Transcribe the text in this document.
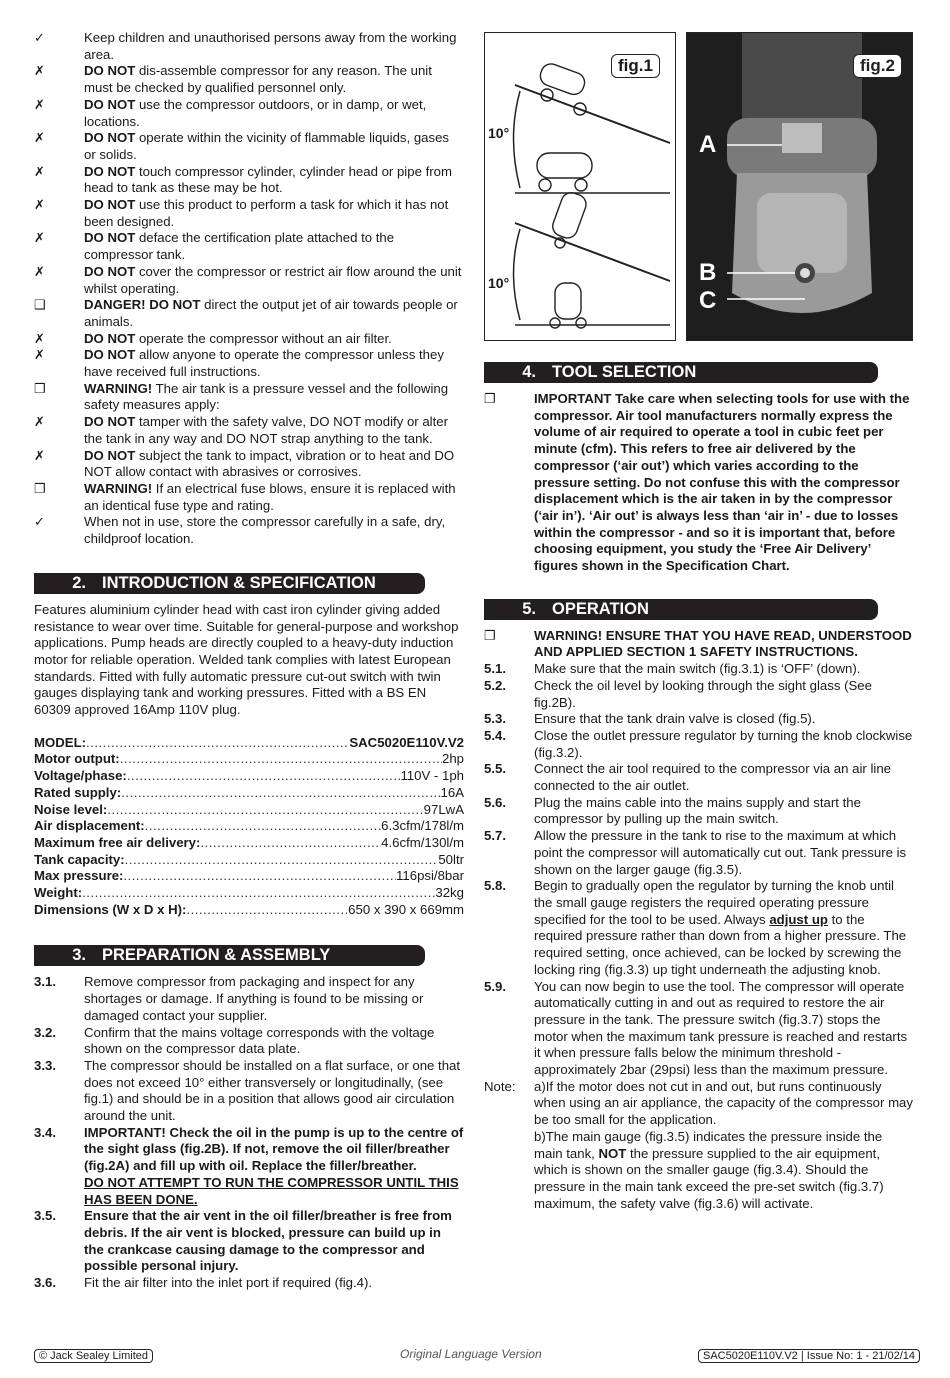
✓	Keep children and unauthorised persons away from the working area.
✗	DO NOT dis-assemble compressor for any reason. The unit must be checked by qualified personnel only.
✗	DO NOT use the compressor outdoors, or in damp, or wet, locations.
✗	DO NOT operate within the vicinity of flammable liquids, gases or solids.
✗	DO NOT touch compressor cylinder, cylinder head or pipe from head to tank as these may be hot.
✗	DO NOT use this product to perform a task for which it has not been designed.
✗	DO NOT deface the certification plate attached to the compressor tank.
✗	DO NOT cover the compressor or restrict air flow around the unit whilst operating.
❑	DANGER! DO NOT direct the output jet of air towards people or animals.
✗	DO NOT operate the compressor without an air filter.
✗	DO NOT allow anyone to operate the compressor unless they have received full instructions.
❒	WARNING! The air tank is a pressure vessel and the following safety measures apply:
✗	DO NOT tamper with the safety valve, DO NOT modify or alter the tank in any way and DO NOT strap anything to the tank.
✗	DO NOT subject the tank to impact, vibration or to heat and DO NOT allow contact with abrasives or corrosives.
❒	WARNING! If an electrical fuse blows, ensure it is replaced with an identical fuse type and rating.
✓	When not in use, store the compressor carefully in a safe, dry, childproof location.
2. INTRODUCTION & SPECIFICATION
Features aluminium cylinder head with cast iron cylinder giving added resistance to wear over time. Suitable for general-purpose and workshop applications. Pump heads are directly coupled to a heavy-duty induction motor for reliable operation. Welded tank complies with latest European standards. Fitted with fully automatic pressure cut-out switch with twin gauges displaying tank and working pressures. Fitted with a BS EN 60309 approved 16Amp 110V plug.
MODEL: .....	SAC5020E110V.V2
Motor output: .....	2hp
Voltage/phase: .....	110V - 1ph
Rated supply: .....	16A
Noise level: .....	97LwA
Air displacement: .....	6.3cfm/178l/m
Maximum free air delivery: .....	4.6cfm/130l/m
Tank capacity: .....	50ltr
Max pressure: .....	116psi/8bar
Weight: .....	32kg
Dimensions (W x D x H): .....	650 x 390 x 669mm
3. PREPARATION & ASSEMBLY
3.1.	Remove compressor from packaging and inspect for any shortages or damage. If anything is found to be missing or damaged contact your supplier.
3.2.	Confirm that the mains voltage corresponds with the voltage shown on the compressor data plate.
3.3.	The compressor should be installed on a flat surface, or one that does not exceed 10° either transversely or longitudinally, (see fig.1) and should be in a position that allows good air circulation around the unit.
3.4.	IMPORTANT! Check the oil in the pump is up to the centre of the sight glass (fig.2B). If not, remove the oil filler/breather (fig.2A) and fill up with oil. Replace the filler/breather.
DO NOT ATTEMPT TO RUN THE COMPRESSOR UNTIL THIS HAS BEEN DONE.
3.5.	Ensure that the air vent in the oil filler/breather is free from debris. If the air vent is blocked, pressure can build up in the crankcase causing damage to the compressor and possible personal injury.
3.6.	Fit the air filter into the inlet port if required (fig.4).
fig.1
10°
10°
fig.2
A
B
C
4. TOOL SELECTION
❒	IMPORTANT Take care when selecting tools for use with the compressor. Air tool manufacturers normally express the volume of air required to operate a tool in cubic feet per minute (cfm). This refers to free air delivered by the compressor (‘air out’) which varies according to the pressure setting. Do not confuse this with the compressor displacement which is the air taken in by the compressor (‘air in’). ‘Air out’ is always less than ‘air in’ - due to losses within the compressor - and so it is important that, before choosing equipment, you study the ‘Free Air Delivery’ figures shown in the Specification Chart.
5. OPERATION
❒	WARNING! ENSURE THAT YOU HAVE READ, UNDERSTOOD AND APPLIED SECTION 1 SAFETY INSTRUCTIONS.
5.1.	Make sure that the main switch (fig.3.1) is ‘OFF’ (down).
5.2.	Check the oil level by looking through the sight glass (See fig.2B).
5.3.	Ensure that the tank drain valve is closed (fig.5).
5.4.	Close the outlet pressure regulator by turning the knob clockwise (fig.3.2).
5.5.	Connect the air tool required to the compressor via an air line connected to the air outlet.
5.6.	Plug the mains cable into the mains supply and start the compressor by pulling up the main switch.
5.7.	Allow the pressure in the tank to rise to the maximum at which point the compressor will automatically cut out. Tank pressure is shown on the larger gauge (fig.3.5).
5.8.	Begin to gradually open the regulator by turning the knob until the small gauge registers the required operating pressure specified for the tool to be used. Always adjust up to the required pressure rather than down from a higher pressure. The required setting, once achieved, can be locked by screwing the locking ring (fig.3.3) up tight underneath the adjusting knob.
5.9.	You can now begin to use the tool. The compressor will operate automatically cutting in and out as required to restore the air pressure in the tank. The pressure switch (fig.3.7) stops the motor when the maximum tank pressure is reached and restarts it when pressure falls below the minimum threshold - approximately 2bar (29psi) less than the maximum pressure.
Note:	a)If the motor does not cut in and out, but runs continuously when using an air appliance, the capacity of the compressor may be too small for the application.
b)The main gauge (fig.3.5) indicates the pressure inside the main tank, NOT the pressure supplied to the air equipment, which is shown on the smaller gauge (fig.3.4). Should the pressure in the main tank exceed the pre-set switch (fig.3.7) maximum, the safety valve (fig.3.6) will activate.
© Jack Sealey Limited	Original Language Version	SAC5020E110V.V2 | Issue No: 1 - 21/02/14
